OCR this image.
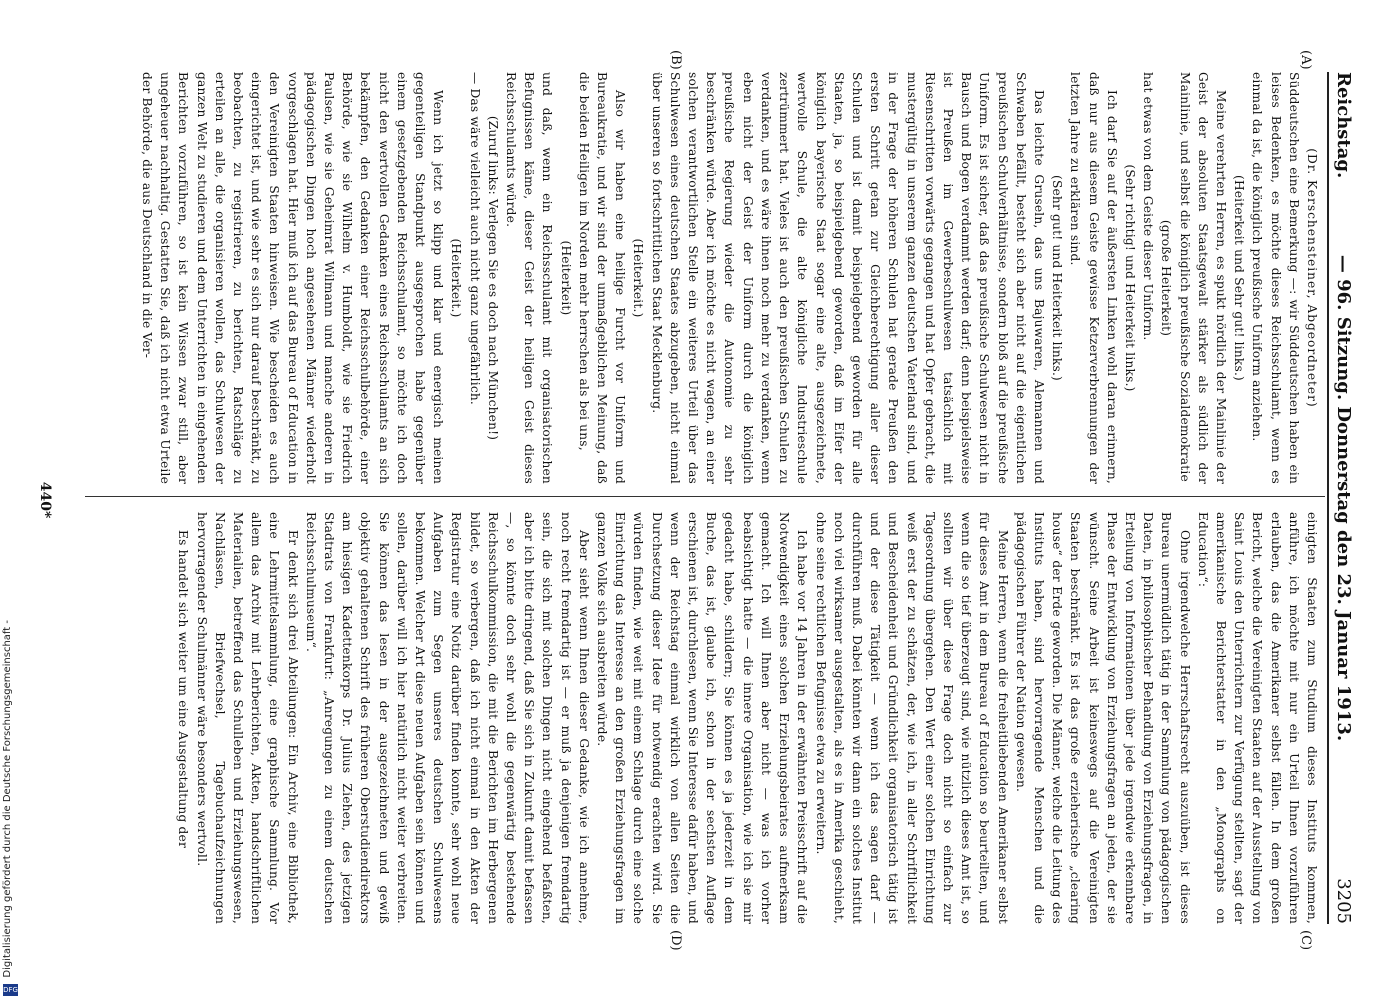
Reichstag.
— 96. Sitzung. Donnerstag den 23. Januar 1913.
3205
(A)
(B)
(C)
(D)

(Dr. Kerschensteiner, Abgeordneter)

Süddeutschen eine Bemerkung —: wir Süddeutschen haben ein leises Bedenken, es möchte dieses Reichsschulamt, wenn es einmal da ist, die königlich preußische Uniform anziehen.

(Heiterkeit und Sehr gut! links.)

Meine verehrten Herren, es spukt nördlich der Mainlinie der Geist der absoluten Staatsgewalt stärker als südlich der Mainlinie, und selbst die königlich preußische Sozialdemokratie

(große Heiterkeit)

hat etwas von dem Geiste dieser Uniform.

(Sehr richtig! und Heiterkeit links.)

Ich darf Sie auf der äußersten Linken wohl daran erinnern, daß nur aus diesem Geiste gewisse Ketzerverbrennungen der letzten Jahre zu erklären sind.

(Sehr gut! und Heiterkeit links.)

Das leichte Gruseln, das uns Bajuwaren, Alemannen und Schwaben befällt, besteht sich aber nicht auf die eigentlichen preußischen Schulverhältnisse, sondern bloß auf die preußische Uniform. Es ist sicher, daß das preußische Schulwesen nicht in Bausch und Bogen verdammt werden darf; denn beispielsweise ist Preußen im Gewerbeschulwesen tatsächlich mit Riesenschritten vorwärts gegangen und hat Opfer gebracht, die mustergültig in unserem ganzen deutschen Vaterland sind, und in der Frage der höheren Schulen hat gerade Preußen den ersten Schritt getan zur Gleichberechtigung aller dieser Schulen und ist damit beispielgebend geworden für alle Staaten, ja, so beispielgebend geworden, daß im Eifer der königlich bayerische Staat sogar eine alte, ausgezeichnete, wertvolle Schule, die alte königliche Industrieschule zertrümmert hat. Vieles ist auch den preußischen Schulen zu verdanken, und es wäre ihnen noch mehr zu verdanken, wenn eben nicht der Geist der Uniform durch die königlich preußische Regierung wieder die Autonomie zu sehr beschränken würde. Aber ich möchte es nicht wagen, an einer solchen verantwortlichen Stelle ein weiteres Urteil über das Schulwesen eines deutschen Staates abzugeben, nicht einmal über unseren so fortschrittlichen Staat Mecklenburg.

(Heiterkeit.)

Also wir haben eine heilige Furcht vor Uniform und Bureaukratie, und wir sind der unmaßgeblichen Meinung, daß die beiden Heiligen im Norden mehr herrschen als bei uns,

(Heiterkeit)

und daß, wenn ein Reichsschulamt mit organisatorischen Befugnissen käme, dieser Geist der heiligen Geist dieses Reichsschulamts würde.

(Zuruf links: Verlegen Sie es doch nach München!)

— Das wäre vielleicht auch nicht ganz ungefährlich.

(Heiterkeit.)

Wenn ich jetzt so klipp und klar und energisch meinen gegenteiligen Standpunkt ausgesprochen habe gegenüber einem gesetzgebenden Reichsschulamt, so möchte ich doch nicht den wertvollen Gedanken eines Reichsschulamts an sich bekämpfen, den Gedanken einer Reichsschulbehörde, einer Behörde, wie sie Wilhelm v. Humboldt, wie sie Friedrich Paulsen, wie sie Geheimrat Wilmann und manche anderen in pädagogischen Dingen hoch angesehenen Männer wiederholt vorgeschlagen hat. Hier muß ich auf das Bureau of Education in den Vereinigten Staaten hinweisen. Wie bescheiden es auch eingerichtet ist, und wie sehr es sich nur darauf beschränkt, zu beobachten, zu registrieren, zu berichten, Ratschläge zu erteilen an alle, die organisieren wollen, das Schulwesen der ganzen Welt zu studieren und dem Unterrichten in eingehenden Berichten vorzuführen, so ist kein Wissen zwar still, aber ungeheuer nachhaltig. Gestatten Sie, daß ich nicht etwa Urteile der Behörde, die aus Deutschland in die Ver-

einigten Staaten zum Studium dieses Instituts kommen, anführe, ich möchte mit nur ein Urteil Ihnen vorzuführen erlauben, das die Amerikaner selbst fällen. In dem großen Bericht, welche die Vereinigten Staaten auf der Ausstellung von Saint Louis den Unterrichtern zur Verfügung stellten, sagt der amerikanische Berichterstatter in den „Monographs on Education“:

Ohne irgendwelche Herrschaftsrecht auszuüben, ist dieses Bureau unermüdlich tätig in der Sammlung von pädagogischen Daten, in philosophischer Behandlung von Erziehungsfragen, in Erteilung von Informationen über jede irgendwie erkennbare Phase der Entwicklung von Erziehungsfragen an jeden, der sie wünscht. Seine Arbeit ist keineswegs auf die Vereinigten Staaten beschränkt. Es ist das große erzieherische „clearing house“ der Erde geworden. Die Männer, welche die Leitung des Instituts haben, sind hervorragende Menschen und die pädagogischen Führer der Nation gewesen.

Meine Herren, wenn die freiheitliebenden Amerikaner selbst für dieses Amt in dem Bureau of Education so beurteilten, und wenn die so tief überzeugt sind, wie nützlich dieses Amt ist, so sollten wir über diese Frage doch nicht so einfach zur Tagesordnung übergehen. Den Wert einer solchen Einrichtung weiß erst der zu schätzen, der, wie ich, in aller Schriftlichkeit und Bescheidenheit und Gründlichkeit organisatorisch tätig ist und der diese Tätigkeit — wenn ich das sagen darf — durchführen muß. Dabei könnten wir dann ein solches Institut noch viel wirksamer ausgestalten, als es in Amerika geschieht, ohne seine rechtlichen Befugnisse etwa zu erweitern.

Ich habe vor 14 Jahren in der erwähnten Preisschrift auf die Notwendigkeit eines solchen Erziehungsbeirates aufmerksam gemacht. Ich will Ihnen aber nicht — was ich vorher beabsichtigt hatte — die innere Organisation, wie ich sie mir gedacht habe, schildern; Sie können es ja jederzeit in dem Buche, das ist, glaube ich, schon in der sechsten Auflage erschienen ist, durchlesen, wenn Sie Interesse dafür haben, und wenn der Reichstag einmal wirklich von allen Seiten die Durchsetzung dieser Idee für notwendig erachten wird. Sie würden finden, wie weit mit einem Schlage durch eine solche Einrichtung das Interesse an den großen Erziehungsfragen im ganzen Volke sich ausbreiten würde.

Aber sieht wenn Ihnen dieser Gedanke, wie ich annehme, noch recht fremdartig ist — er muß ja denjenigen fremdartig sein, die sich mit solchen Dingen nicht eingehend befaßten, aber ich bitte dringend, daß Sie sich in Zukunft damit befassen —, so könnte doch sehr wohl die gegenwärtig bestehende Reichsschulkommission, die mit die Berichten im Herbergenen bildet, so verbergen, daß ich nicht einmal in den Akten der Registratur eine Notiz darüber finden konnte, sehr wohl neue Aufgaben zum Segen unseres deutschen Schulwesens bekommen. Welcher Art diese neuen Aufgaben sein können und sollen, darüber will ich hier natürlich nicht weiter verbreiten. Sie können das lesen in der ausgezeichneten und gewiß objektiv gehaltenen Schrift des früheren Oberstudiendirektors am hiesigen Kadettenkorps Dr. Julius Ziehen, des jetzigen Stadtrats von Frankfurt: „Anregungen zu einem deutschen Reichsschulmuseum“.

Er denkt sich drei Abteilungen: Ein Archiv, eine Bibliothek, eine Lehrmittelsammlung, eine graphische Sammlung. Vor allem das Archiv mit Lehrberichten, Akten, handschriftlichen Materialien, betreffend das Schulleben und Erziehungswesen, Nachlässen, Briefwechsel, Tagebuchaufzeichnungen hervorragender Schulmänner wäre besonders wertvoll.

Es handelt sich weiter um eine Ausgestaltung der

440*
Digitalisierung gefördert durch die Deutsche Forschungsgemeinschaft -
DFG
